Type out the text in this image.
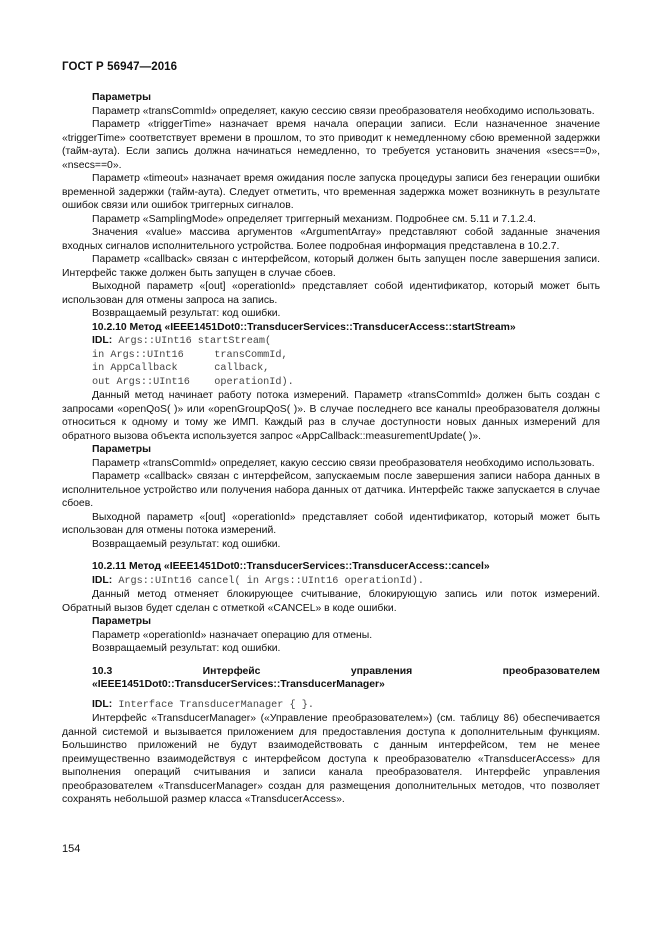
ГОСТ Р 56947—2016

Параметры

Параметр «transCommId» определяет, какую сессию связи преобразователя необходимо использовать.

Параметр «triggerTime» назначает время начала операции записи. Если назначенное значение «triggerTime» соответствует времени в прошлом, то это приводит к немедленному сбою временной задержки (тайм-аута). Если запись должна начинаться немедленно, то требуется установить значения «secs==0», «nsecs==0».

Параметр «timeout» назначает время ожидания после запуска процедуры записи без генерации ошибки временной задержки (тайм-аута). Следует отметить, что временная задержка может возникнуть в результате ошибок связи или ошибок триггерных сигналов.

Параметр «SamplingMode» определяет триггерный механизм. Подробнее см. 5.11 и 7.1.2.4.

Значения «value» массива аргументов «ArgumentArray» представляют собой заданные значения входных сигналов исполнительного устройства. Более подробная информация представлена в 10.2.7.

Параметр «callback» связан с интерфейсом, который должен быть запущен после завершения записи. Интерфейс также должен быть запущен в случае сбоев.

Выходной параметр «[out] «operationId» представляет собой идентификатор, который может быть использован для отмены запроса на запись.

Возвращаемый результат: код ошибки.

10.2.10 Метод «IEEE1451Dot0::TransducerServices::TransducerAccess::startStream»

IDL: Args::UInt16 startStream(

in Args::UInt16     transCommId,

in AppCallback      callback,

out Args::UInt16    operationId).

Данный метод начинает работу потока измерений. Параметр «transCommId» должен быть создан с запросами «openQoS( )» или «openGroupQoS( )». В случае последнего все каналы преобразователя должны относиться к одному и тому же ИМП. Каждый раз в случае доступности новых данных измерений для обратного вызова объекта используется запрос «AppCallback::measurementUpdate( )».

Параметры

Параметр «transCommId» определяет, какую сессию связи преобразователя необходимо использовать.

Параметр «callback» связан с интерфейсом, запускаемым после завершения записи набора данных в исполнительное устройство или получения набора данных от датчика. Интерфейс также запускается в случае сбоев.

Выходной параметр «[out] «operationId» представляет собой идентификатор, который может быть использован для отмены потока измерений.

Возвращаемый результат: код ошибки.

10.2.11 Метод «IEEE1451Dot0::TransducerServices::TransducerAccess::cancel»

IDL: Args::UInt16 cancel( in Args::UInt16 operationId).

Данный метод отменяет блокирующее считывание, блокирующую запись или поток измерений. Обратный вызов будет сделан с отметкой «CANCEL» в коде ошибки.

Параметры

Параметр «operationId» назначает операцию для отмены.

Возвращаемый результат: код ошибки.

10.3 Интерфейс управления преобразователем «IEEE1451Dot0::TransducerServices::TransducerManager»

IDL: Interface TransducerManager { }.

Интерфейс «TransducerManager» («Управление преобразователем») (см. таблицу 86) обеспечивается данной системой и вызывается приложением для предоставления доступа к дополнительным функциям. Большинство приложений не будут взаимодействовать с данным интерфейсом, тем не менее преимущественно взаимодействуя с интерфейсом доступа к преобразователю «TransducerAccess» для выполнения операций считывания и записи канала преобразователя. Интерфейс управления преобразователем «TransducerManager» создан для размещения дополнительных методов, что позволяет сохранять небольшой размер класса «TransducerAccess».

154
